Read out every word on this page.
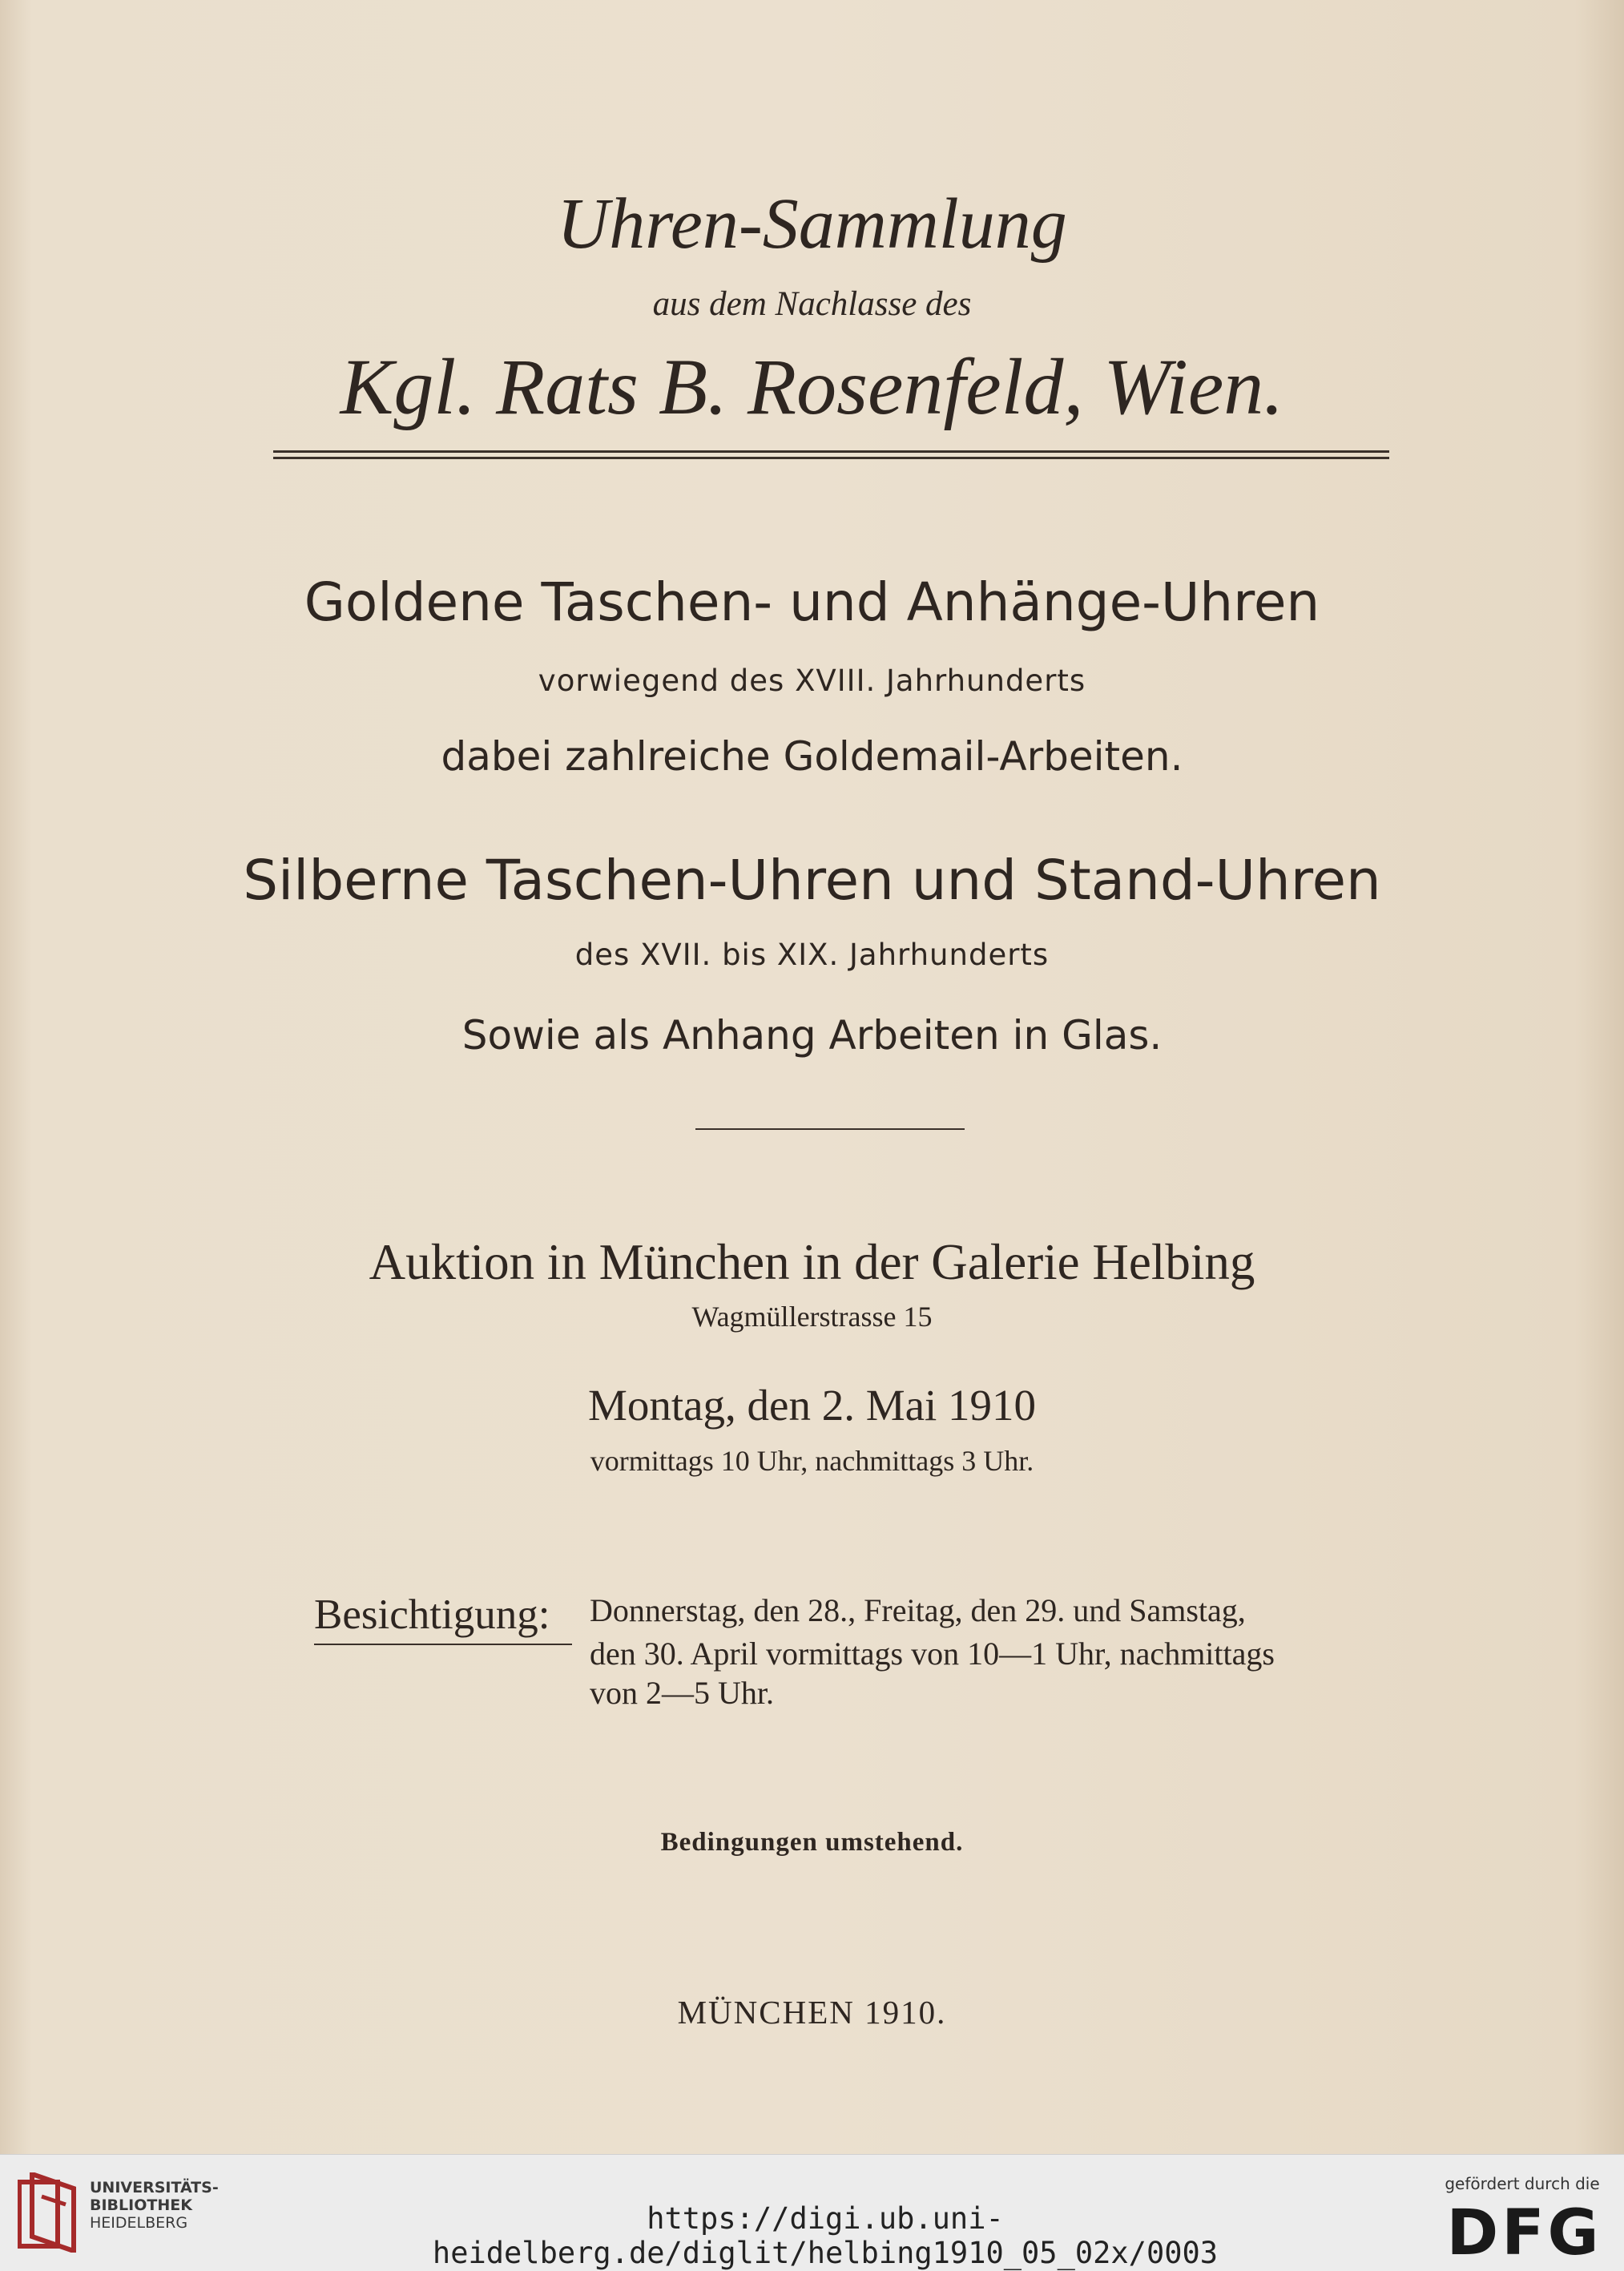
Uhren-Sammlung
aus dem Nachlasse des
Kgl. Rats B. Rosenfeld, Wien.
Goldene Taschen- und Anhänge-Uhren
vorwiegend des XVIII. Jahrhunderts
dabei zahlreiche Goldemail-Arbeiten.
Silberne Taschen-Uhren und Stand-Uhren
des XVII. bis XIX. Jahrhunderts
Sowie als Anhang Arbeiten in Glas.
Auktion in München in der Galerie Helbing
Wagmüllerstrasse 15
Montag, den 2. Mai 1910
vormittags 10 Uhr, nachmittags 3 Uhr.
Besichtigung: Donnerstag, den 28., Freitag, den 29. und Samstag,
den 30. April vormittags von 10—1 Uhr, nachmittags
von 2—5 Uhr.
Bedingungen umstehend.
MÜNCHEN 1910.
UNIVERSITÄTS-
BIBLIOTHEK
HEIDELBERG	https://digi.ub.uni-heidelberg.de/diglit/helbing1910_05_02x/0003
gefördert durch die
DFG
